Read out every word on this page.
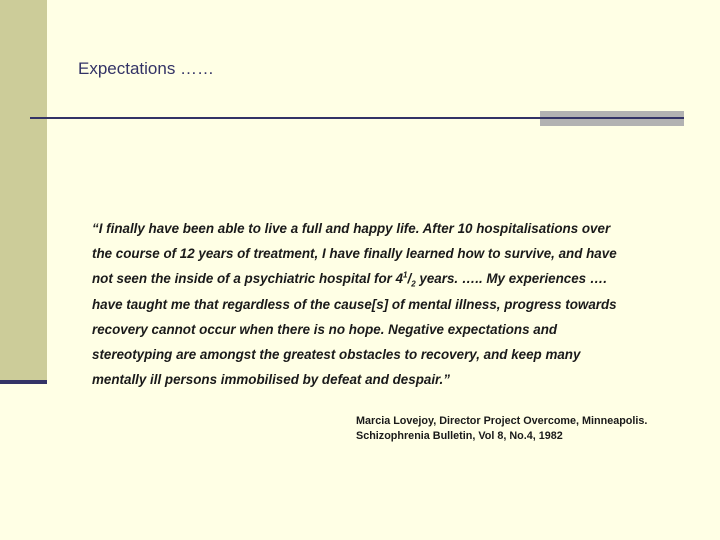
Expectations ……
“I finally have been able to live a full and happy life. After 10 hospitalisations over
the course of 12 years of treatment, I have finally learned how to survive, and have
not seen the inside of a psychiatric hospital for $4^1/_2$ years. ….. My experiences ….
have taught me that regardless of the cause[s] of mental illness, progress towards
recovery cannot occur when there is no hope. Negative expectations and
stereotyping are amongst the greatest obstacles to recovery, and keep many
mentally ill persons immobilised by defeat and despair.”
Marcia Lovejoy, Director Project Overcome, Minneapolis.
Schizophrenia Bulletin, Vol 8, No.4, 1982
